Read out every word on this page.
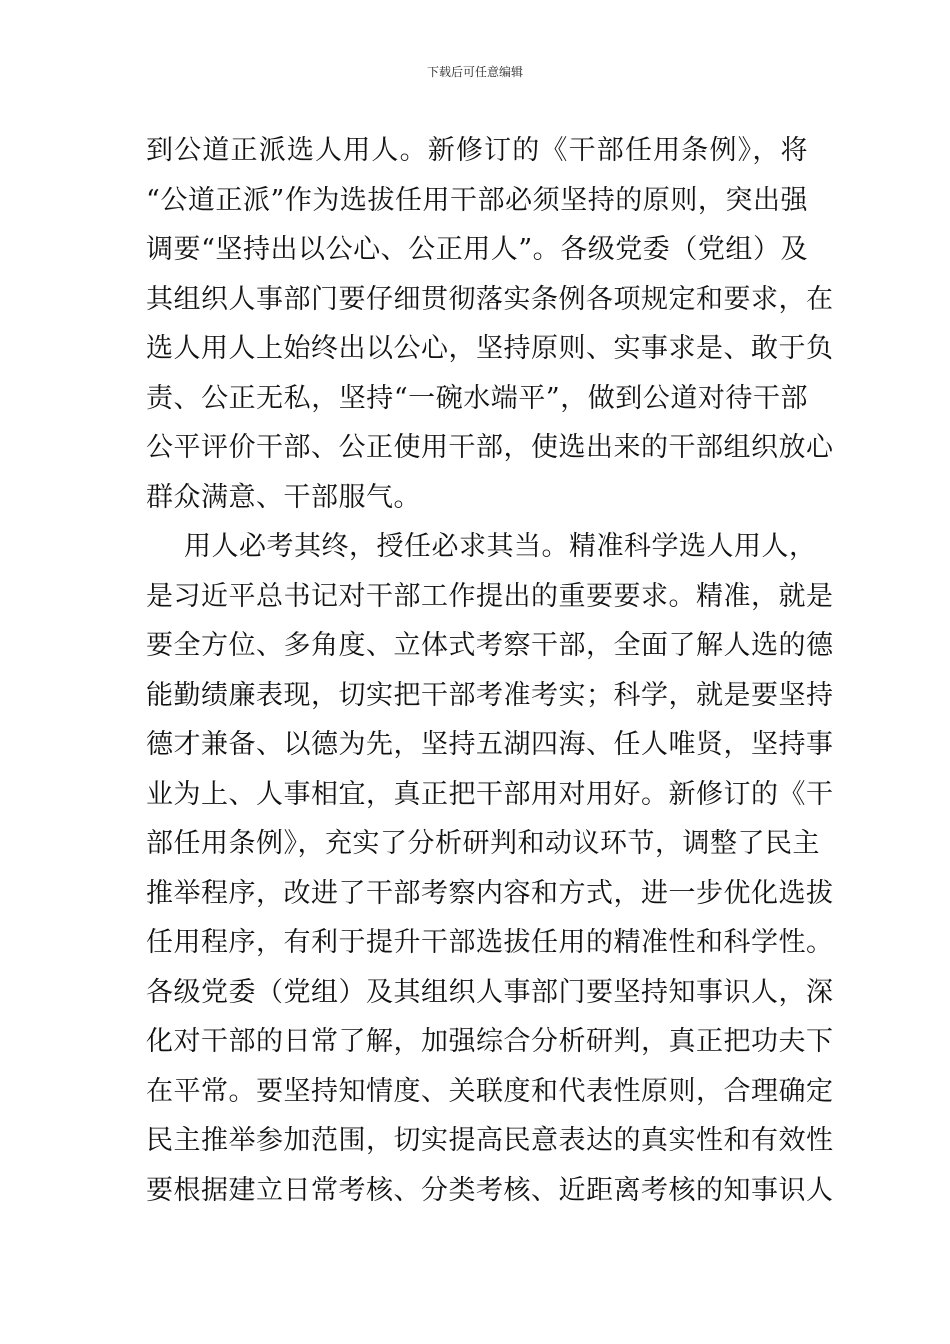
下载后可任意编辑
到公道正派选人用人。新修订的《干部任用条例》，将
“公道正派”作为选拔任用干部必须坚持的原则，突出强
调要“坚持出以公心、公正用人”。各级党委（党组）及
其组织人事部门要仔细贯彻落实条例各项规定和要求，在
选人用人上始终出以公心，坚持原则、实事求是、敢于负
责、公正无私，坚持“一碗水端平”，做到公道对待干部
公平评价干部、公正使用干部，使选出来的干部组织放心
群众满意、干部服气。
用人必考其终，授任必求其当。精准科学选人用人，
是习近平总书记对干部工作提出的重要要求。精准，就是
要全方位、多角度、立体式考察干部，全面了解人选的德
能勤绩廉表现，切实把干部考准考实；科学，就是要坚持
德才兼备、以德为先，坚持五湖四海、任人唯贤，坚持事
业为上、人事相宜，真正把干部用对用好。新修订的《干
部任用条例》，充实了分析研判和动议环节，调整了民主
推举程序，改进了干部考察内容和方式，进一步优化选拔
任用程序，有利于提升干部选拔任用的精准性和科学性。
各级党委（党组）及其组织人事部门要坚持知事识人，深
化对干部的日常了解，加强综合分析研判，真正把功夫下
在平常。要坚持知情度、关联度和代表性原则，合理确定
民主推举参加范围，切实提高民意表达的真实性和有效性
要根据建立日常考核、分类考核、近距离考核的知事识人
